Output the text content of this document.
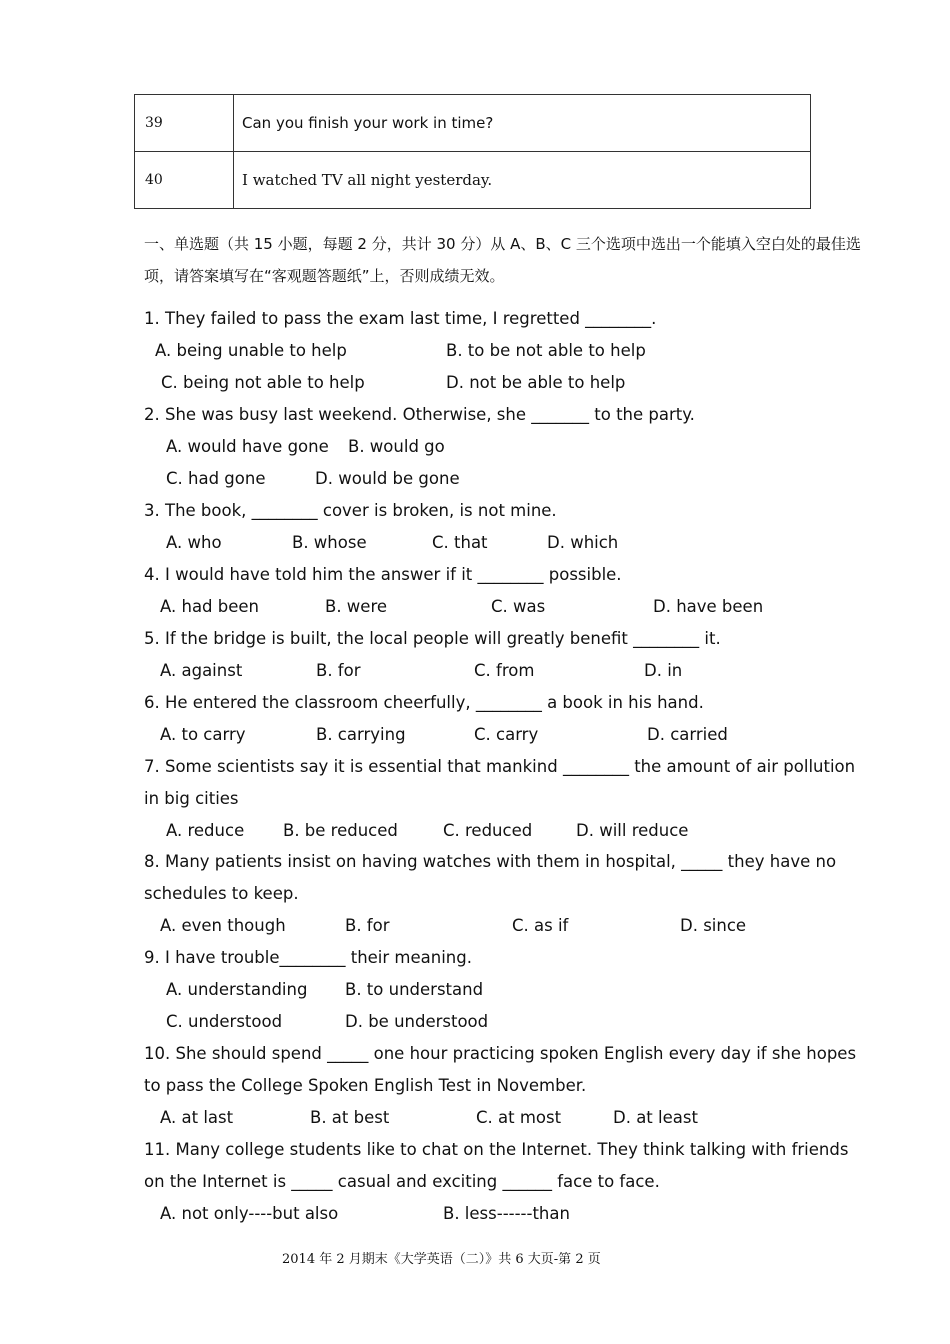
39	Can you finish your work in time?
40	I watched TV all night yesterday.
一、单选题（共 15 小题，每题 2 分，共计 30 分）从 A、B、C 三个选项中选出一个能填入空白处的最佳选项，请答案填写在“客观题答题纸”上，否则成绩无效。
1. They failed to pass the exam last time, I regretted ________.
A. being unable to help	B. to be not able to help
C. being not able to help	D. not be able to help
2. She was busy last weekend. Otherwise, she _______ to the party.
A. would have gone B. would go
C. had gone	D. would be gone
3. The book, ________ cover is broken, is not mine.
A. who	B. whose	C. that	D. which
4. I would have told him the answer if it ________ possible.
A. had been	B. were	C. was	D. have been
5. If the bridge is built, the local people will greatly benefit ________ it.
A. against	B. for	C. from	D. in
6. He entered the classroom cheerfully, ________ a book in his hand.
A. to carry	B. carrying	C. carry	D. carried
7. Some scientists say it is essential that mankind ________ the amount of air pollution
in big cities
A. reduce B. be reduced	C. reduced	D. will reduce
8. Many patients insist on having watches with them in hospital, _____ they have no
schedules to keep.
A. even though	B. for	C. as if	D. since
9. I have trouble________ their meaning.
A. understanding B. to understand
C. understood	D. be understood
10. She should spend _____ one hour practicing spoken English every day if she hopes
to pass the College Spoken English Test in November.
A. at last	B. at best	C. at most	D. at least
11. Many college students like to chat on the Internet. They think talking with friends
on the Internet is _____ casual and exciting ______ face to face.
A. not only----but also	B. less------than
2014 年 2 月期末《大学英语（二）》共 6 大页-第 2 页
